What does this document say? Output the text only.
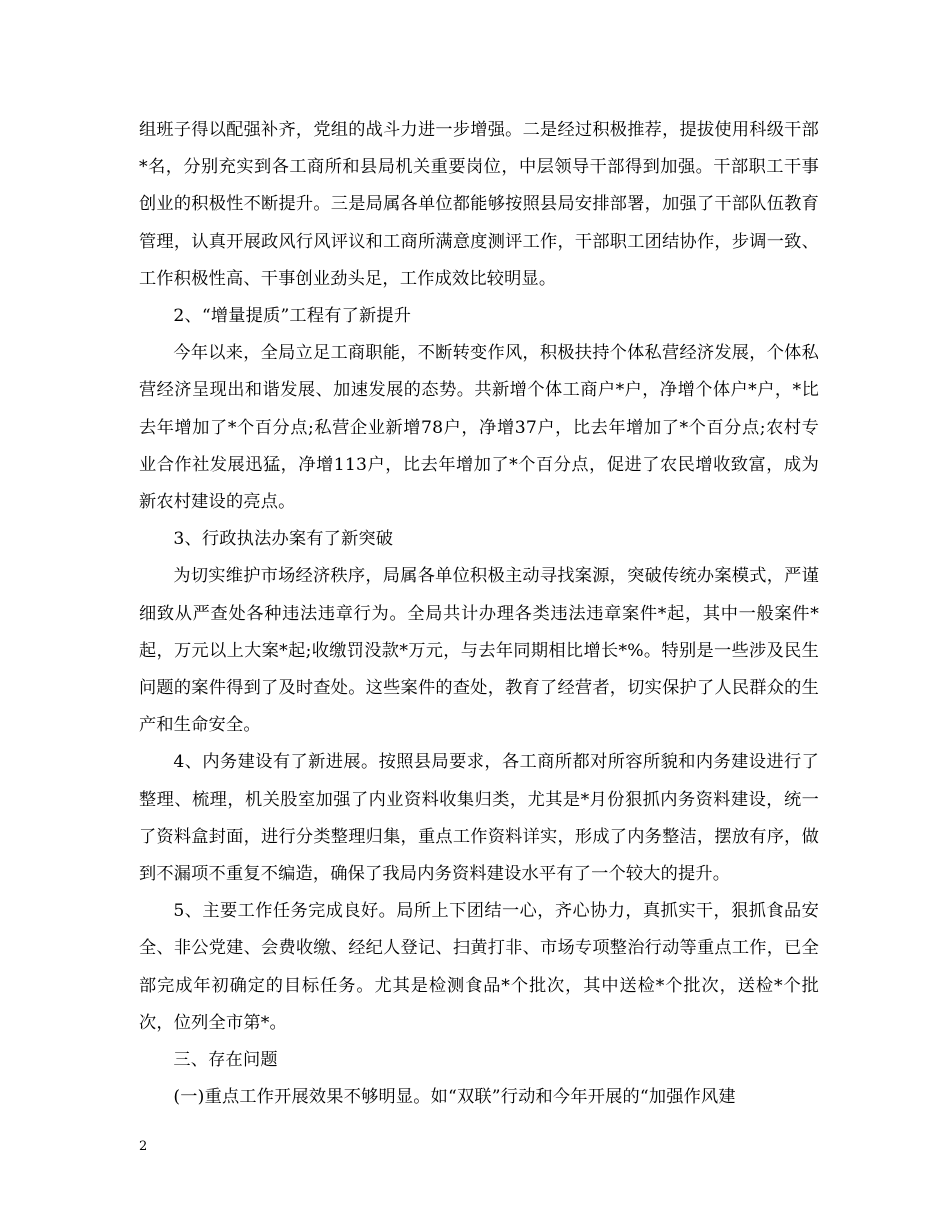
组班子得以配强补齐，党组的战斗力进一步增强。二是经过积极推荐，提拔使用科级干部*名，分别充实到各工商所和县局机关重要岗位，中层领导干部得到加强。干部职工干事创业的积极性不断提升。三是局属各单位都能够按照县局安排部署，加强了干部队伍教育管理，认真开展政风行风评议和工商所满意度测评工作，干部职工团结协作，步调一致、工作积极性高、干事创业劲头足，工作成效比较明显。

2、“增量提质”工程有了新提升

今年以来，全局立足工商职能，不断转变作风，积极扶持个体私营经济发展，个体私营经济呈现出和谐发展、加速发展的态势。共新增个体工商户*户，净增个体户*户，*比去年增加了*个百分点;私营企业新增78户，净增37户，比去年增加了*个百分点;农村专业合作社发展迅猛，净增113户，比去年增加了*个百分点，促进了农民增收致富，成为新农村建设的亮点。

3、行政执法办案有了新突破

为切实维护市场经济秩序，局属各单位积极主动寻找案源，突破传统办案模式，严谨细致从严查处各种违法违章行为。全局共计办理各类违法违章案件*起，其中一般案件*起，万元以上大案*起;收缴罚没款*万元，与去年同期相比增长*%。特别是一些涉及民生问题的案件得到了及时查处。这些案件的查处，教育了经营者，切实保护了人民群众的生产和生命安全。

4、内务建设有了新进展。按照县局要求，各工商所都对所容所貌和内务建设进行了整理、梳理，机关股室加强了内业资料收集归类，尤其是*月份狠抓内务资料建设，统一了资料盒封面，进行分类整理归集，重点工作资料详实，形成了内务整洁，摆放有序，做到不漏项不重复不编造，确保了我局内务资料建设水平有了一个较大的提升。

5、主要工作任务完成良好。局所上下团结一心，齐心协力，真抓实干，狠抓食品安全、非公党建、会费收缴、经纪人登记、扫黄打非、市场专项整治行动等重点工作，已全部完成年初确定的目标任务。尤其是检测食品*个批次，其中送检*个批次，送检*个批次，位列全市第*。

三、存在问题

(一)重点工作开展效果不够明显。如“双联”行动和今年开展的“加强作风建

2
